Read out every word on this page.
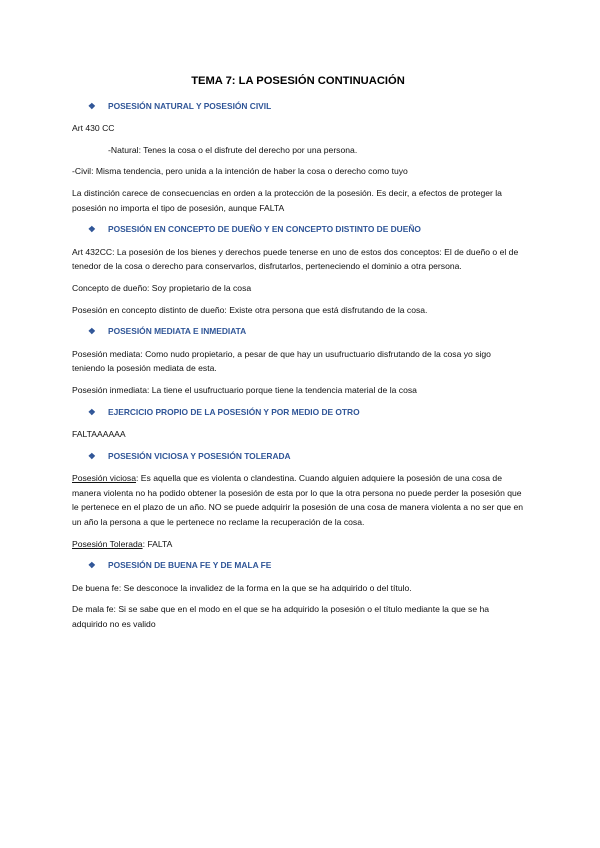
TEMA 7: LA POSESIÓN CONTINUACIÓN
❖ POSESIÓN NATURAL Y POSESIÓN CIVIL

Art 430 CC

-Natural: Tenes la cosa o el disfrute del derecho por una persona.

-Civil: Misma tendencia, pero unida a la intención de haber la cosa o derecho como tuyo

La distinción carece de consecuencias en orden a la protección de la posesión. Es decir, a efectos de proteger la posesión no importa el tipo de posesión, aunque FALTA

❖ POSESIÓN EN CONCEPTO DE DUEÑO Y EN CONCEPTO DISTINTO DE DUEÑO

Art 432CC: La posesión de los bienes y derechos puede tenerse en uno de estos dos conceptos: El de dueño o el de tenedor de la cosa o derecho para conservarlos, disfrutarlos, perteneciendo el dominio a otra persona.

Concepto de dueño: Soy propietario de la cosa

Posesión en concepto distinto de dueño: Existe otra persona que está disfrutando de la cosa.

❖ POSESIÓN MEDIATA E INMEDIATA

Posesión mediata: Como nudo propietario, a pesar de que hay un usufructuario disfrutando de la cosa yo sigo teniendo la posesión mediata de esta.

Posesión inmediata: La tiene el usufructuario porque tiene la tendencia material de la cosa

❖ EJERCICIO PROPIO DE LA POSESIÓN Y POR MEDIO DE OTRO

FALTAAAAAA

❖ POSESIÓN VICIOSA Y POSESIÓN TOLERADA

Posesión viciosa: Es aquella que es violenta o clandestina. Cuando alguien adquiere la posesión de una cosa de manera violenta no ha podido obtener la posesión de esta por lo que la otra persona no puede perder la posesión que le pertenece en el plazo de un año. NO se puede adquirir la posesión de una cosa de manera violenta a no ser que en un año la persona a que le pertenece no reclame la recuperación de la cosa.

Posesión Tolerada: FALTA

❖ POSESIÓN DE BUENA FE Y DE MALA FE

De buena fe: Se desconoce la invalidez de la forma en la que se ha adquirido o del título.

De mala fe: Si se sabe que en el modo en el que se ha adquirido la posesión o el título mediante la que se ha adquirido no es valido
